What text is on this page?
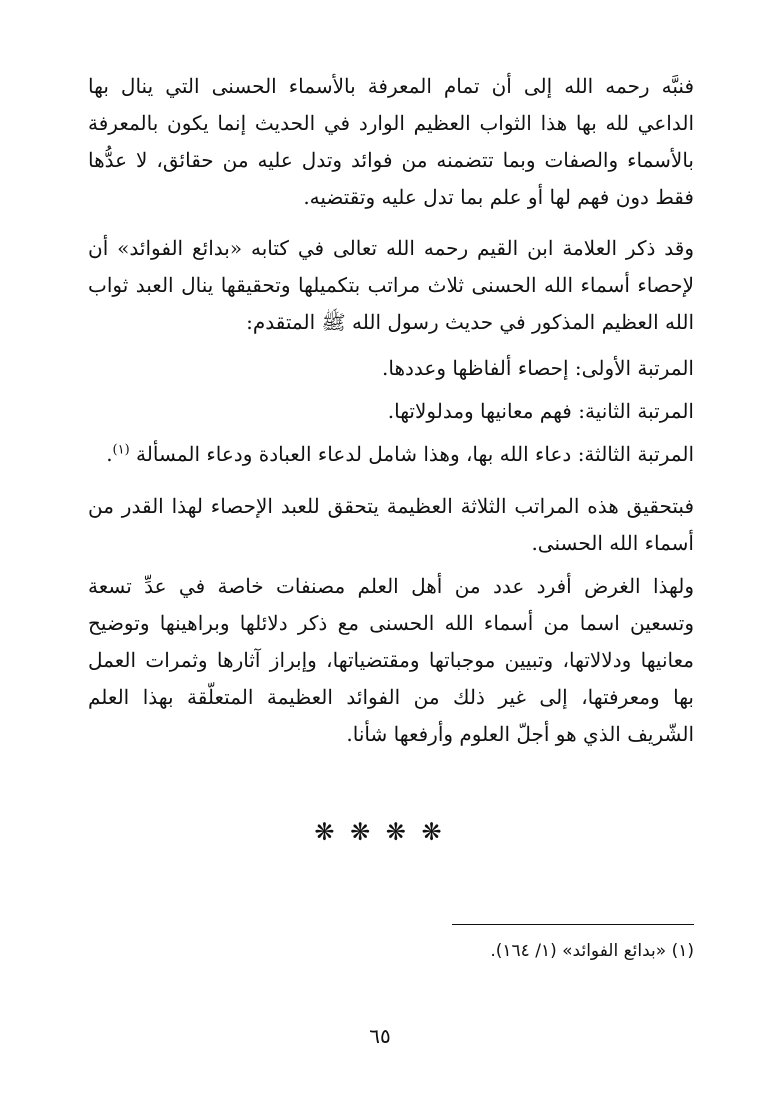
فنبَّه رحمه الله إلى أن تمام المعرفة بالأسماء الحسنى التي ينال بها الداعي لله بها هذا الثواب العظيم الوارد في الحديث إنما يكون بالمعرفة بالأسماء والصفات وبما تتضمنه من فوائد وتدل عليه من حقائق، لا عدُّها فقط دون فهم لها أو علم بما تدل عليه وتقتضيه.

وقد ذكر العلامة ابن القيم رحمه الله تعالى في كتابه «بدائع الفوائد» أن لإحصاء أسماء الله الحسنى ثلاث مراتب بتكميلها وتحقيقها ينال العبد ثواب الله العظيم المذكور في حديث رسول الله ﷺ المتقدم:

المرتبة الأولى: إحصاء ألفاظها وعددها.

المرتبة الثانية: فهم معانيها ومدلولاتها.

المرتبة الثالثة: دعاء الله بها، وهذا شامل لدعاء العبادة ودعاء المسألة $^{(١)}$.

فبتحقيق هذه المراتب الثلاثة العظيمة يتحقق للعبد الإحصاء لهذا القدر من أسماء الله الحسنى.

ولهذا الغرض أفرد عدد من أهل العلم مصنفات خاصة في عدِّ تسعة وتسعين اسما من أسماء الله الحسنى مع ذكر دلائلها وبراهينها وتوضيح معانيها ودلالاتها، وتبيين موجباتها ومقتضياتها، وإبراز آثارها وثمرات العمل بها ومعرفتها، إلى غير ذلك من الفوائد العظيمة المتعلّقة بهذا العلم الشّريف الذي هو أجلّ العلوم وأرفعها شأنا.

❋ ❋ ❋ ❋
(١) «بدائع الفوائد» (١/ ١٦٤).
٦٥
